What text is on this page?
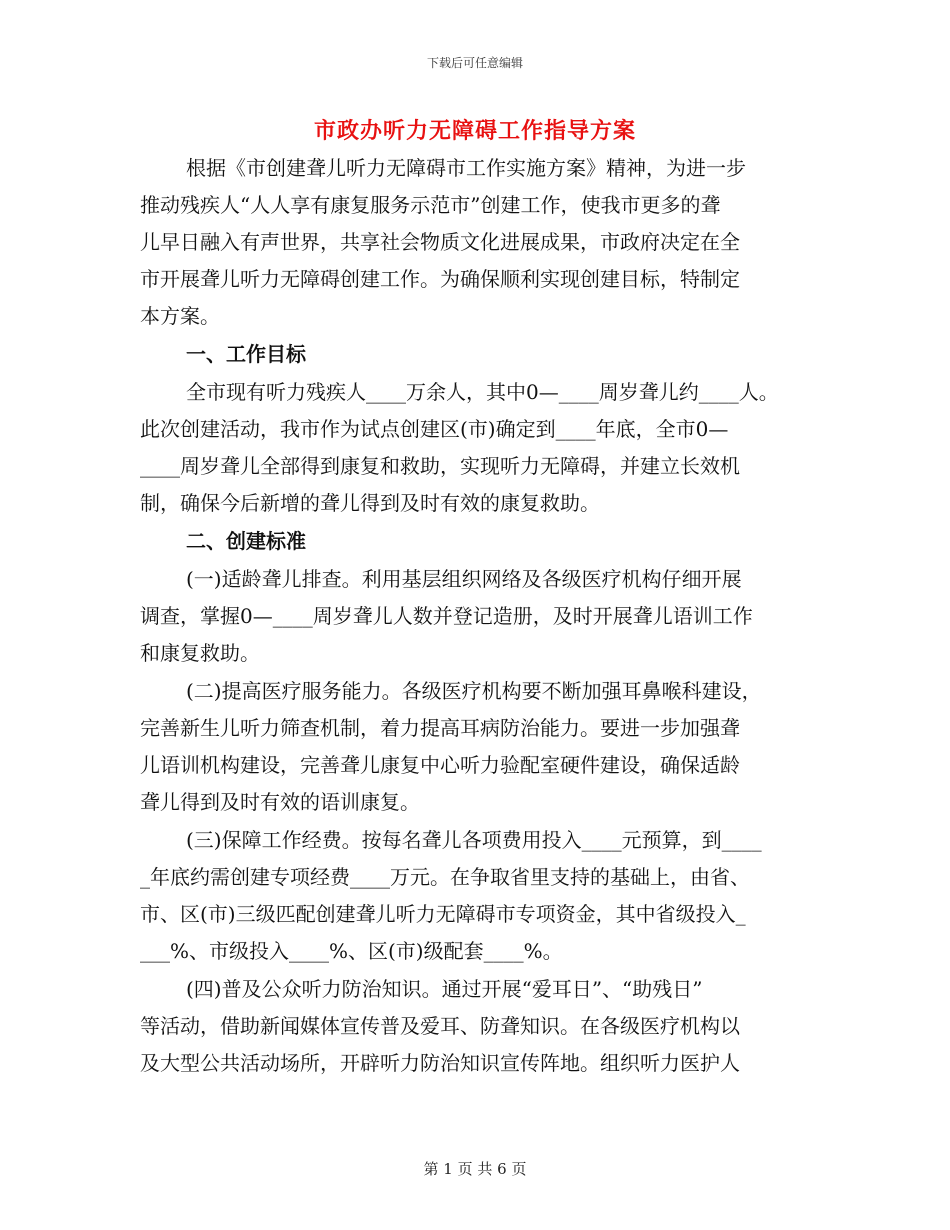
下载后可任意编辑
市政办听力无障碍工作指导方案
根据《市创建聋儿听力无障碍市工作实施方案》精神，为进一步
推动残疾人“人人享有康复服务示范市”创建工作，使我市更多的聋
儿早日融入有声世界，共享社会物质文化进展成果，市政府决定在全
市开展聋儿听力无障碍创建工作。为确保顺利实现创建目标，特制定
本方案。
一、工作目标
全市现有听力残疾人____万余人，其中0—____周岁聋儿约____人。
此次创建活动，我市作为试点创建区(市)确定到____年底，全市0—
____周岁聋儿全部得到康复和救助，实现听力无障碍，并建立长效机
制，确保今后新增的聋儿得到及时有效的康复救助。
二、创建标准
(一)适龄聋儿排查。利用基层组织网络及各级医疗机构仔细开展
调查，掌握0—____周岁聋儿人数并登记造册，及时开展聋儿语训工作
和康复救助。
(二)提高医疗服务能力。各级医疗机构要不断加强耳鼻喉科建设，
完善新生儿听力筛查机制，着力提高耳病防治能力。要进一步加强聋
儿语训机构建设，完善聋儿康复中心听力验配室硬件建设，确保适龄
聋儿得到及时有效的语训康复。
(三)保障工作经费。按每名聋儿各项费用投入____元预算，到____
_年底约需创建专项经费____万元。在争取省里支持的基础上，由省、
市、区(市)三级匹配创建聋儿听力无障碍市专项资金，其中省级投入_
___%、市级投入____%、区(市)级配套____%。
(四)普及公众听力防治知识。通过开展“爱耳日”、“助残日”
等活动，借助新闻媒体宣传普及爱耳、防聋知识。在各级医疗机构以
及大型公共活动场所，开辟听力防治知识宣传阵地。组织听力医护人
第 1 页 共 6 页
